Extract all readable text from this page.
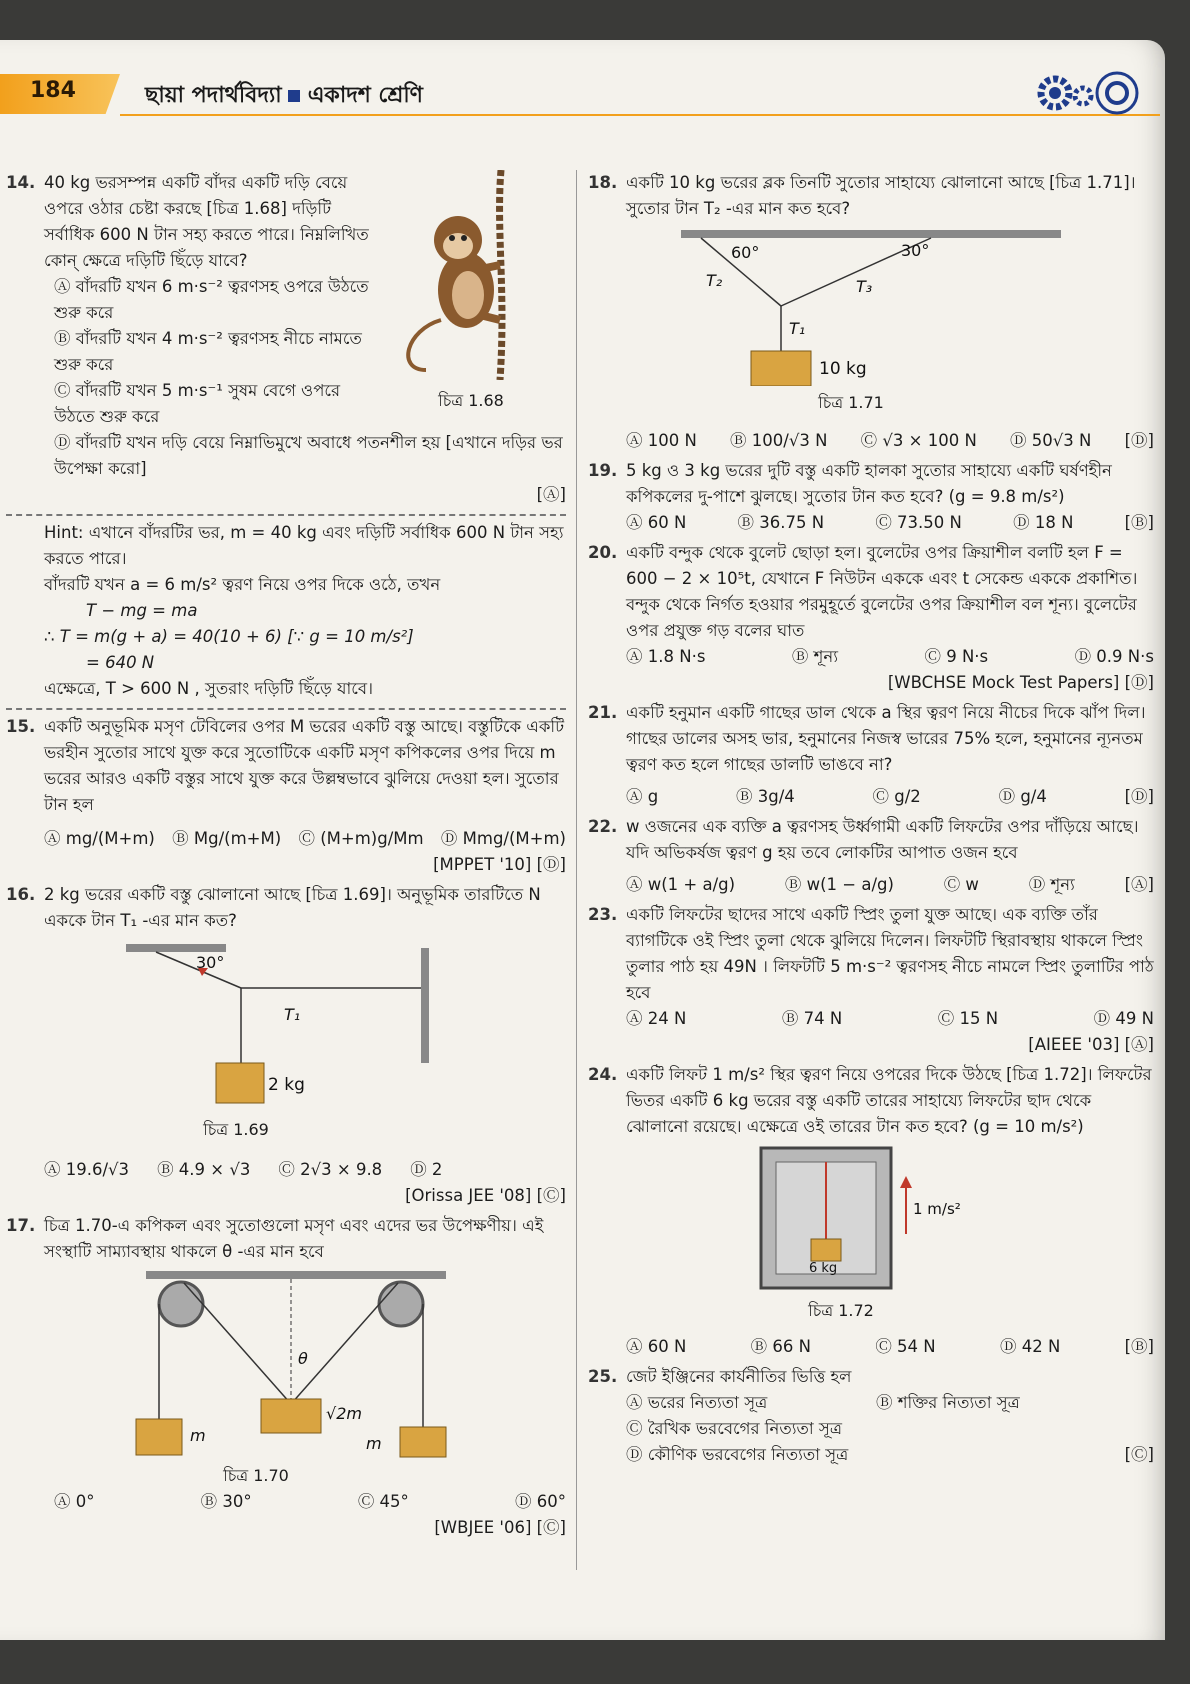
184	ছায়া পদার্থবিদ্যা একাদশ শ্রেণি
14. 40 kg ভরসম্পন্ন একটি বাঁদর একটি দড়ি বেয়ে ওপরে ওঠার চেষ্টা করছে [চিত্র 1.68] দড়িটি সর্বাধিক 600 N টান সহ্য করতে পারে। নিম্নলিখিত কোন্ ক্ষেত্রে দড়িটি ছিঁড়ে যাবে?
Ⓐ বাঁদরটি যখন 6 m·s⁻² ত্বরণসহ ওপরে উঠতে শুরু করে
Ⓑ বাঁদরটি যখন 4 m·s⁻² ত্বরণসহ নীচে নামতে শুরু করে
Ⓒ বাঁদরটি যখন 5 m·s⁻¹ সুষম বেগে ওপরে উঠতে শুরু করে
চিত্র 1.68
Ⓓ বাঁদরটি যখন দড়ি বেয়ে নিম্নাভিমুখে অবাধে পতনশীল হয় [এখানে দড়ির ভর উপেক্ষা করো]
[Ⓐ]
Hint: এখানে বাঁদরটির ভর, m = 40 kg এবং দড়িটি সর্বাধিক 600 N টান সহ্য করতে পারে।
বাঁদরটি যখন a = 6 m/s² ত্বরণ নিয়ে ওপর দিকে ওঠে, তখন
T − mg = ma
∴ T = m(g + a) = 40(10 + 6) [∵ g = 10 m/s²]
= 640 N
এক্ষেত্রে, T > 600 N , সুতরাং দড়িটি ছিঁড়ে যাবে।
15. একটি অনুভূমিক মসৃণ টেবিলের ওপর M ভরের একটি বস্তু আছে। বস্তুটিকে একটি ভরহীন সুতোর সাথে যুক্ত করে সুতোটিকে একটি মসৃণ কপিকলের ওপর দিয়ে m ভরের আরও একটি বস্তুর সাথে যুক্ত করে উল্লম্বভাবে ঝুলিয়ে দেওয়া হল। সুতোর টান হল
Ⓐ mg/(M+m) Ⓑ Mg/(m+M) Ⓒ (M+m)g/Mm Ⓓ Mmg/(M+m)
[MPPET '10] [Ⓓ]
16. 2 kg ভরের একটি বস্তু ঝোলানো আছে [চিত্র 1.69]। অনুভূমিক তারটিতে N এককে টান T₁ -এর মান কত?
30°
T₁
2 kg
চিত্র 1.69
Ⓐ 19.6/√3 Ⓑ 4.9 × √3 Ⓒ 2√3 × 9.8 Ⓓ 2
[Orissa JEE '08] [Ⓒ]
17. চিত্র 1.70-এ কপিকল এবং সুতোগুলো মসৃণ এবং এদের ভর উপেক্ষণীয়। এই সংস্থাটি সাম্যাবস্থায় থাকলে θ -এর মান হবে
θ
m
√2m
m
চিত্র 1.70
Ⓐ 0°	Ⓑ 30°	Ⓒ 45°	Ⓓ 60°
[WBJEE '06] [Ⓒ]
18. একটি 10 kg ভরের ব্লক তিনটি সুতোর সাহায্যে ঝোলানো আছে [চিত্র 1.71]। সুতোর টান T₂ -এর মান কত হবে?
60°	30°
T₂	T₃
T₁
10 kg
চিত্র 1.71
Ⓐ 100 N Ⓑ 100/√3 N Ⓒ √3 × 100 N Ⓓ 50√3 N [Ⓓ]
19. 5 kg ও 3 kg ভরের দুটি বস্তু একটি হালকা সুতোর সাহায্যে একটি ঘর্ষণহীন কপিকলের দু-পাশে ঝুলছে। সুতোর টান কত হবে? (g = 9.8 m/s²)
Ⓐ 60 N	Ⓑ 36.75 N	Ⓒ 73.50 N	Ⓓ 18 N	[Ⓑ]
20. একটি বন্দুক থেকে বুলেট ছোড়া হল। বুলেটের ওপর ক্রিয়াশীল বলটি হল F = 600 − 2 × 10⁵t, যেখানে F নিউটন এককে এবং t সেকেন্ড এককে প্রকাশিত। বন্দুক থেকে নির্গত হওয়ার পরমুহূর্তে বুলেটের ওপর ক্রিয়াশীল বল শূন্য। বুলেটের ওপর প্রযুক্ত গড় বলের ঘাত
Ⓐ 1.8 N·s	Ⓑ শূন্য	Ⓒ 9 N·s	Ⓓ 0.9 N·s
[WBCHSE Mock Test Papers] [Ⓓ]
21. একটি হনুমান একটি গাছের ডাল থেকে a স্থির ত্বরণ নিয়ে নীচের দিকে ঝাঁপ দিল। গাছের ডালের অসহ ভার, হনুমানের নিজস্ব ভারের 75% হলে, হনুমানের ন্যূনতম ত্বরণ কত হলে গাছের ডালটি ভাঙবে না?
Ⓐ g	Ⓑ 3g/4	Ⓒ g/2	Ⓓ g/4	[Ⓓ]
22. w ওজনের এক ব্যক্তি a ত্বরণসহ উর্ধ্বগামী একটি লিফটের ওপর দাঁড়িয়ে আছে। যদি অভিকর্ষজ ত্বরণ g হয় তবে লোকটির আপাত ওজন হবে
Ⓐ w(1 + a/g)	Ⓑ w(1 − a/g)	Ⓒ w	Ⓓ শূন্য	[Ⓐ]
23. একটি লিফটের ছাদের সাথে একটি স্প্রিং তুলা যুক্ত আছে। এক ব্যক্তি তাঁর ব্যাগটিকে ওই স্প্রিং তুলা থেকে ঝুলিয়ে দিলেন। লিফটটি স্থিরাবস্থায় থাকলে স্প্রিং তুলার পাঠ হয় 49N । লিফটটি 5 m·s⁻² ত্বরণসহ নীচে নামলে স্প্রিং তুলাটির পাঠ হবে
Ⓐ 24 N	Ⓑ 74 N	Ⓒ 15 N	Ⓓ 49 N
[AIEEE '03] [Ⓐ]
24. একটি লিফট 1 m/s² স্থির ত্বরণ নিয়ে ওপরের দিকে উঠছে [চিত্র 1.72]। লিফটের ভিতর একটি 6 kg ভরের বস্তু একটি তারের সাহায্যে লিফটের ছাদ থেকে ঝোলানো রয়েছে। এক্ষেত্রে ওই তারের টান কত হবে? (g = 10 m/s²)
6 kg
1 m/s²
চিত্র 1.72
Ⓐ 60 N	Ⓑ 66 N	Ⓒ 54 N	Ⓓ 42 N	[Ⓑ]
25. জেট ইঞ্জিনের কার্যনীতির ভিত্তি হল
Ⓐ ভরের নিত্যতা সূত্র	Ⓑ শক্তির নিত্যতা সূত্র
Ⓒ রৈখিক ভরবেগের নিত্যতা সূত্র
Ⓓ কৌণিক ভরবেগের নিত্যতা সূত্র	[Ⓒ]
